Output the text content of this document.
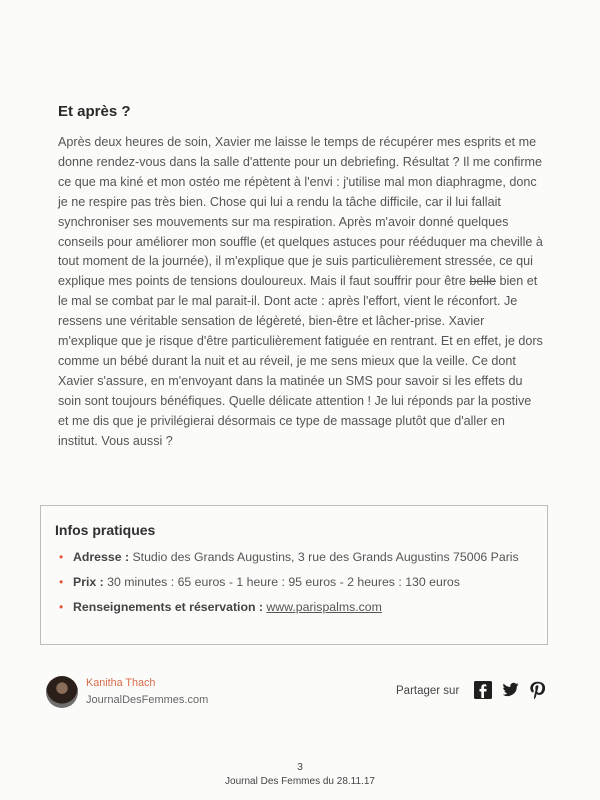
Et après ?

Après deux heures de soin, Xavier me laisse le temps de récupérer mes esprits et me donne rendez-vous dans la salle d'attente pour un debriefing. Résultat ? Il me confirme ce que ma kiné et mon ostéo me répètent à l'envi : j'utilise mal mon diaphragme, donc je ne respire pas très bien. Chose qui lui a rendu la tâche difficile, car il lui fallait synchroniser ses mouvements sur ma respiration. Après m'avoir donné quelques conseils pour améliorer mon souffle (et quelques astuces pour rééduquer ma cheville à tout moment de la journée), il m'explique que je suis particulièrement stressée, ce qui explique mes points de tensions douloureux. Mais il faut souffrir pour être belle bien et le mal se combat par le mal parait-il. Dont acte : après l'effort, vient le réconfort. Je ressens une véritable sensation de légèreté, bien-être et lâcher-prise. Xavier m'explique que je risque d'être particulièrement fatiguée en rentrant. Et en effet, je dors comme un bébé durant la nuit et au réveil, je me sens mieux que la veille. Ce dont Xavier s'assure, en m'envoyant dans la matinée un SMS pour savoir si les effets du soin sont toujours bénéfiques. Quelle délicate attention ! Je lui réponds par la postive et me dis que je privilégierai désormais ce type de massage plutôt que d'aller en institut. Vous aussi ?

Infos pratiques
• Adresse : Studio des Grands Augustins, 3 rue des Grands Augustins 75006 Paris
• Prix : 30 minutes : 65 euros - 1 heure : 95 euros - 2 heures : 130 euros
• Renseignements et réservation : www.parispalms.com

Kanitha Thach

JournalDesFemmes.com

Partager sur

3

Journal Des Femmes du 28.11.17
